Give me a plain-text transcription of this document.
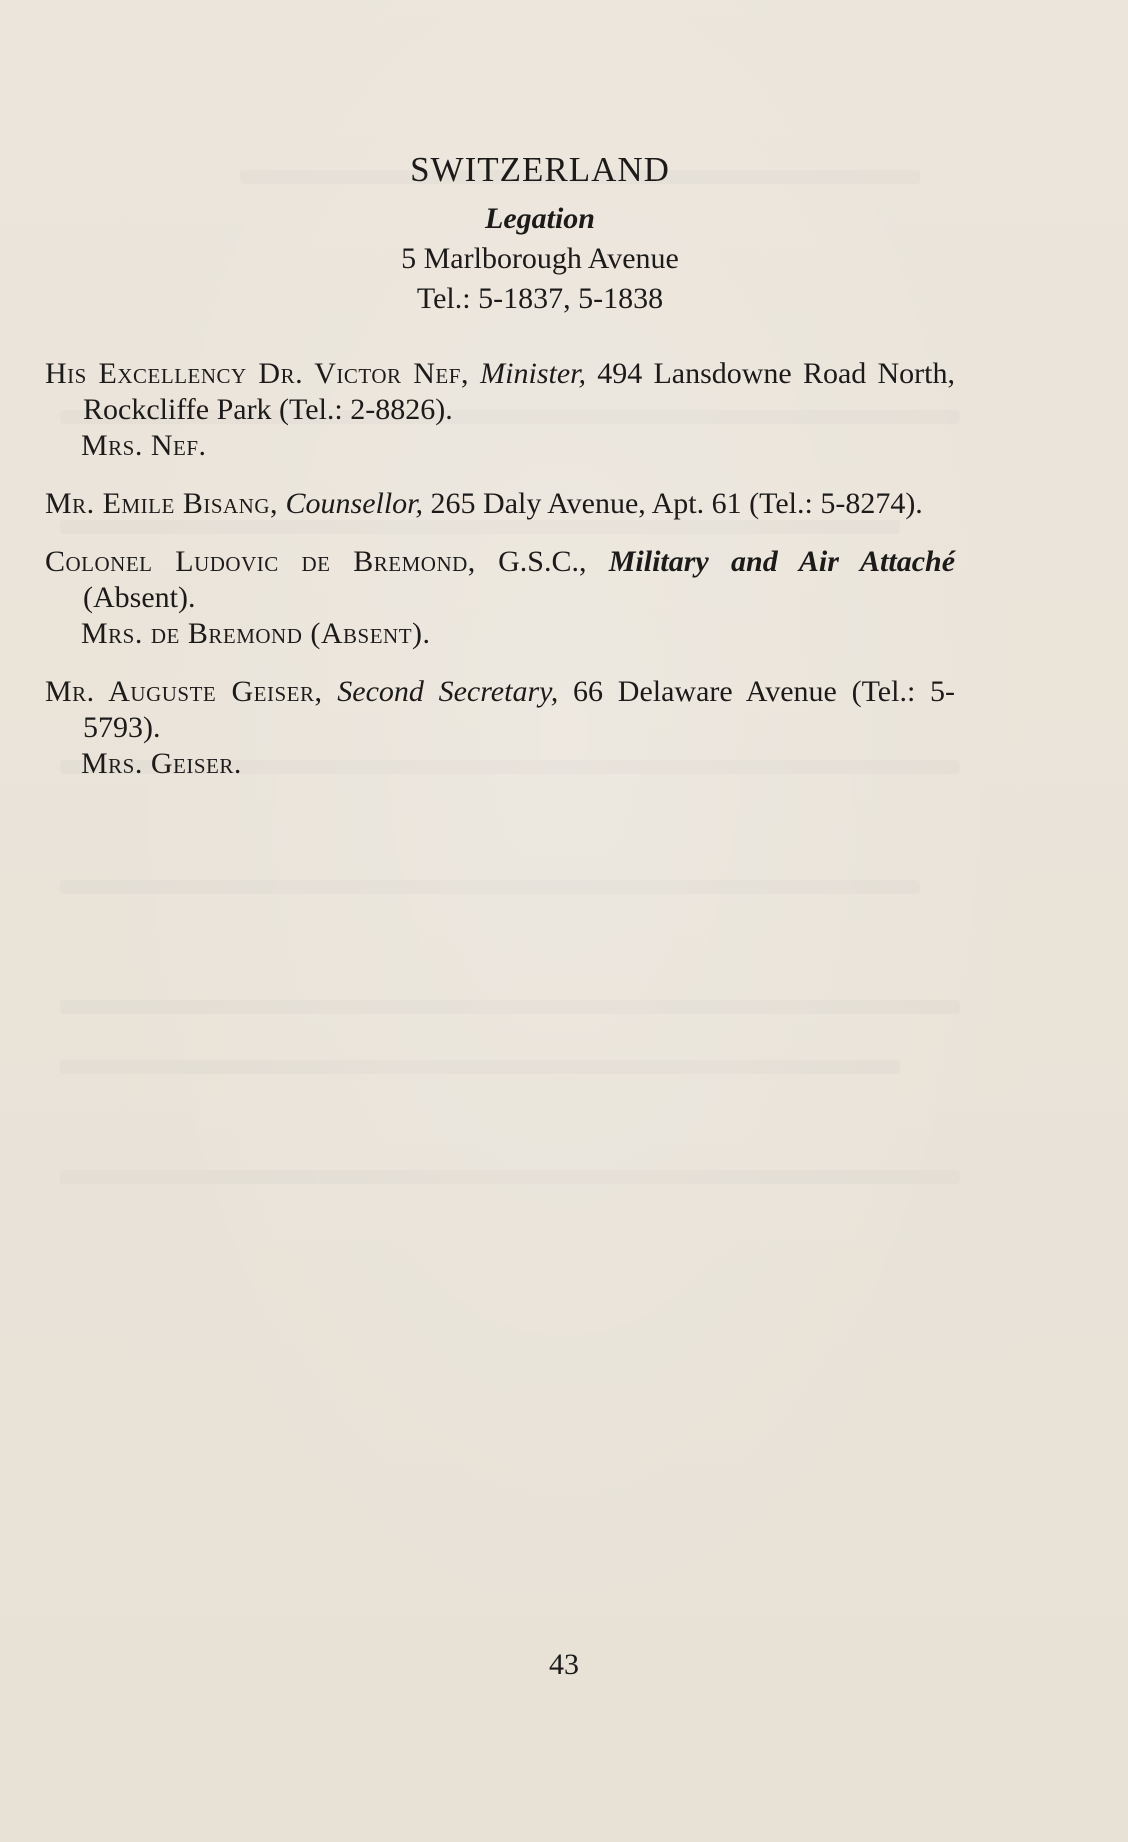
SWITZERLAND
Legation
5 Marlborough Avenue
Tel.: 5-1837, 5-1838

His Excellency Dr. Victor Nef, Minister, 494 Lansdowne Road North, Rockcliffe Park (Tel.: 2-8826).

Mrs. Nef.

Mr. Emile Bisang, Counsellor, 265 Daly Avenue, Apt. 61 (Tel.: 5-8274).

Colonel Ludovic de Bremond, G.S.C., Military and Air Attaché (Absent).

Mrs. de Bremond (Absent).

Mr. Auguste Geiser, Second Secretary, 66 Delaware Avenue (Tel.: 5-5793).

Mrs. Geiser.
43
